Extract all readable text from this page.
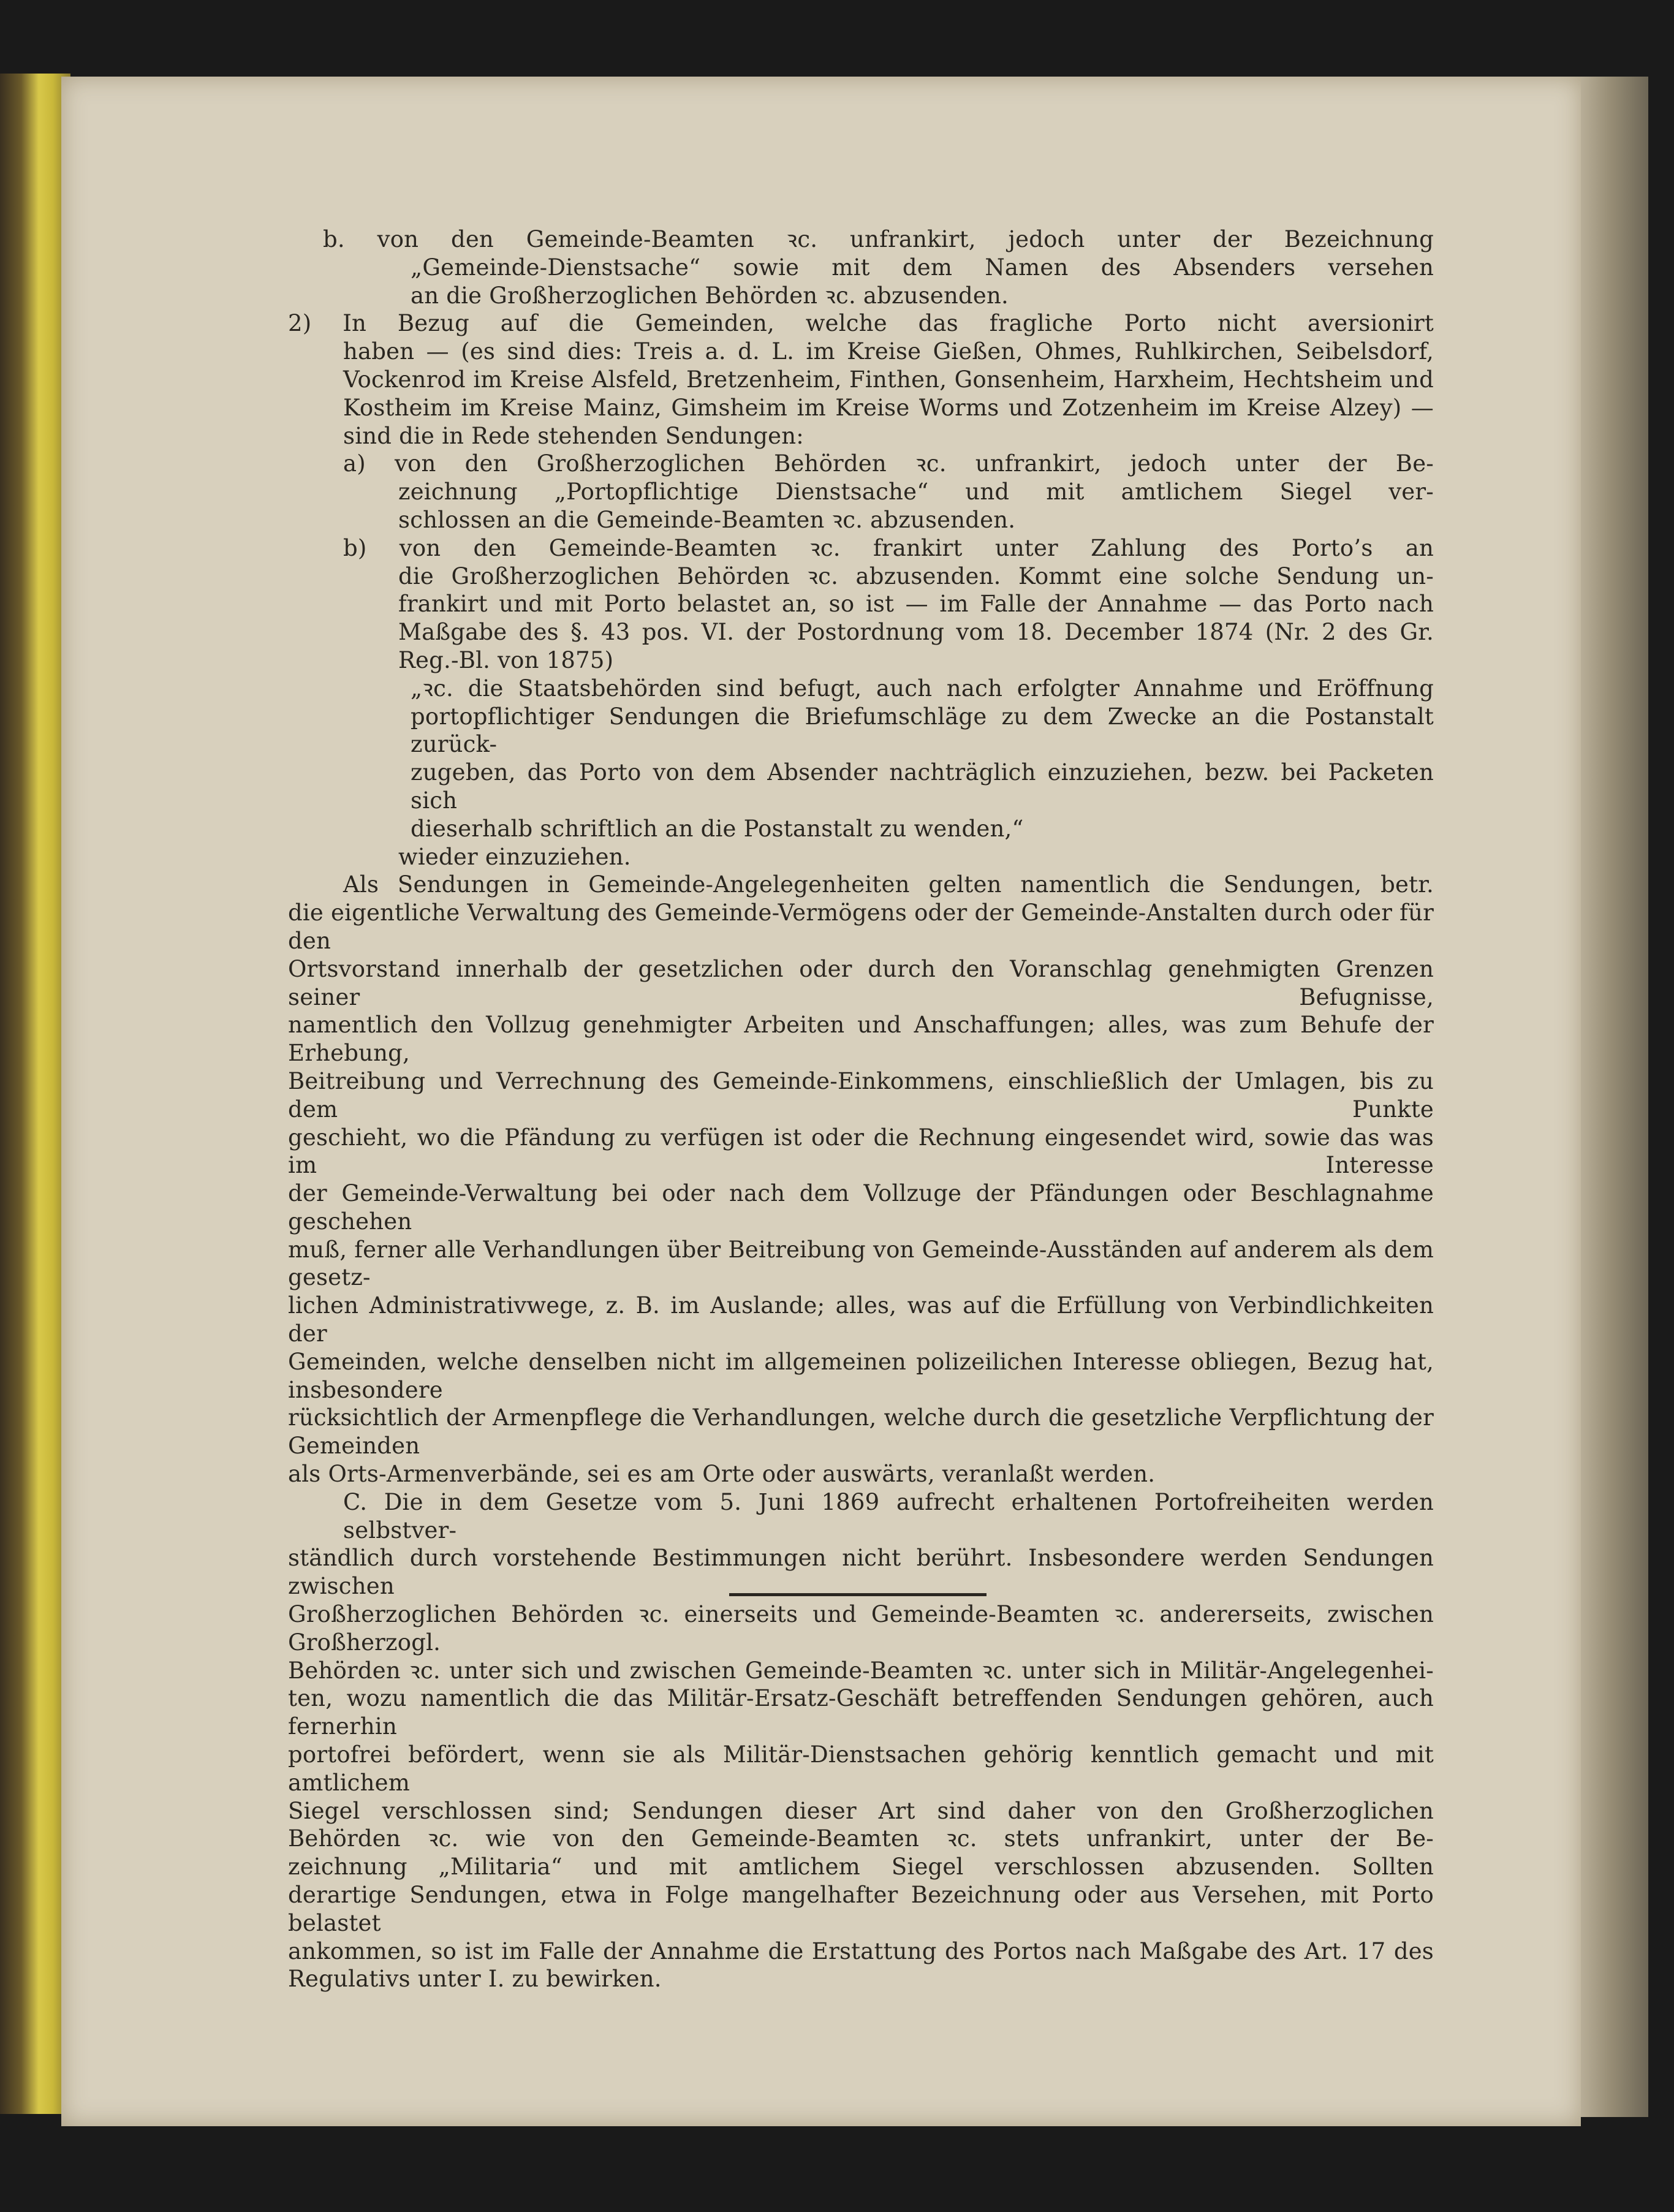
b. von den Gemeinde-Beamten ꝛc. unfrankirt, jedoch unter der Bezeichnung
„Gemeinde-Dienstsache“ sowie mit dem Namen des Absenders versehen
an die Großherzoglichen Behörden ꝛc. abzusenden.
2) In Bezug auf die Gemeinden, welche das fragliche Porto nicht aversionirt
haben — (es sind dies: Treis a. d. L. im Kreise Gießen, Ohmes, Ruhlkirchen, Seibelsdorf,
Vockenrod im Kreise Alsfeld, Bretzenheim, Finthen, Gonsenheim, Harxheim, Hechtsheim und
Kostheim im Kreise Mainz, Gimsheim im Kreise Worms und Zotzenheim im Kreise Alzey) —
sind die in Rede stehenden Sendungen:
a) von den Großherzoglichen Behörden ꝛc. unfrankirt, jedoch unter der Be-
zeichnung „Portopflichtige Dienstsache“ und mit amtlichem Siegel ver-
schlossen an die Gemeinde-Beamten ꝛc. abzusenden.
b) von den Gemeinde-Beamten ꝛc. frankirt unter Zahlung des Porto’s an
die Großherzoglichen Behörden ꝛc. abzusenden. Kommt eine solche Sendung un-
frankirt und mit Porto belastet an, so ist — im Falle der Annahme — das Porto nach
Maßgabe des §. 43 pos. VI. der Postordnung vom 18. December 1874 (Nr. 2 des Gr.
Reg.-Bl. von 1875)
„ꝛc. die Staatsbehörden sind befugt, auch nach erfolgter Annahme und Eröffnung
portopflichtiger Sendungen die Briefumschläge zu dem Zwecke an die Postanstalt zurück-
zugeben, das Porto von dem Absender nachträglich einzuziehen, bezw. bei Packeten sich
dieserhalb schriftlich an die Postanstalt zu wenden,“
wieder einzuziehen.
Als Sendungen in Gemeinde-Angelegenheiten gelten namentlich die Sendungen, betr.
die eigentliche Verwaltung des Gemeinde-Vermögens oder der Gemeinde-Anstalten durch oder für den
Ortsvorstand innerhalb der gesetzlichen oder durch den Voranschlag genehmigten Grenzen seiner Befugnisse,
namentlich den Vollzug genehmigter Arbeiten und Anschaffungen; alles, was zum Behufe der Erhebung,
Beitreibung und Verrechnung des Gemeinde-Einkommens, einschließlich der Umlagen, bis zu dem Punkte
geschieht, wo die Pfändung zu verfügen ist oder die Rechnung eingesendet wird, sowie das was im Interesse
der Gemeinde-Verwaltung bei oder nach dem Vollzuge der Pfändungen oder Beschlagnahme geschehen
muß, ferner alle Verhandlungen über Beitreibung von Gemeinde-Ausständen auf anderem als dem gesetz-
lichen Administrativwege, z. B. im Auslande; alles, was auf die Erfüllung von Verbindlichkeiten der
Gemeinden, welche denselben nicht im allgemeinen polizeilichen Interesse obliegen, Bezug hat, insbesondere
rücksichtlich der Armenpflege die Verhandlungen, welche durch die gesetzliche Verpflichtung der Gemeinden
als Orts-Armenverbände, sei es am Orte oder auswärts, veranlaßt werden.
C. Die in dem Gesetze vom 5. Juni 1869 aufrecht erhaltenen Portofreiheiten werden selbstver-
ständlich durch vorstehende Bestimmungen nicht berührt. Insbesondere werden Sendungen zwischen
Großherzoglichen Behörden ꝛc. einerseits und Gemeinde-Beamten ꝛc. andererseits, zwischen Großherzogl.
Behörden ꝛc. unter sich und zwischen Gemeinde-Beamten ꝛc. unter sich in Militär-Angelegenhei-
ten, wozu namentlich die das Militär-Ersatz-Geschäft betreffenden Sendungen gehören, auch fernerhin
portofrei befördert, wenn sie als Militär-Dienstsachen gehörig kenntlich gemacht und mit amtlichem
Siegel verschlossen sind; Sendungen dieser Art sind daher von den Großherzoglichen
Behörden ꝛc. wie von den Gemeinde-Beamten ꝛc. stets unfrankirt, unter der Be-
zeichnung „Militaria“ und mit amtlichem Siegel verschlossen abzusenden. Sollten
derartige Sendungen, etwa in Folge mangelhafter Bezeichnung oder aus Versehen, mit Porto belastet
ankommen, so ist im Falle der Annahme die Erstattung des Portos nach Maßgabe des Art. 17 des
Regulativs unter I. zu bewirken.
